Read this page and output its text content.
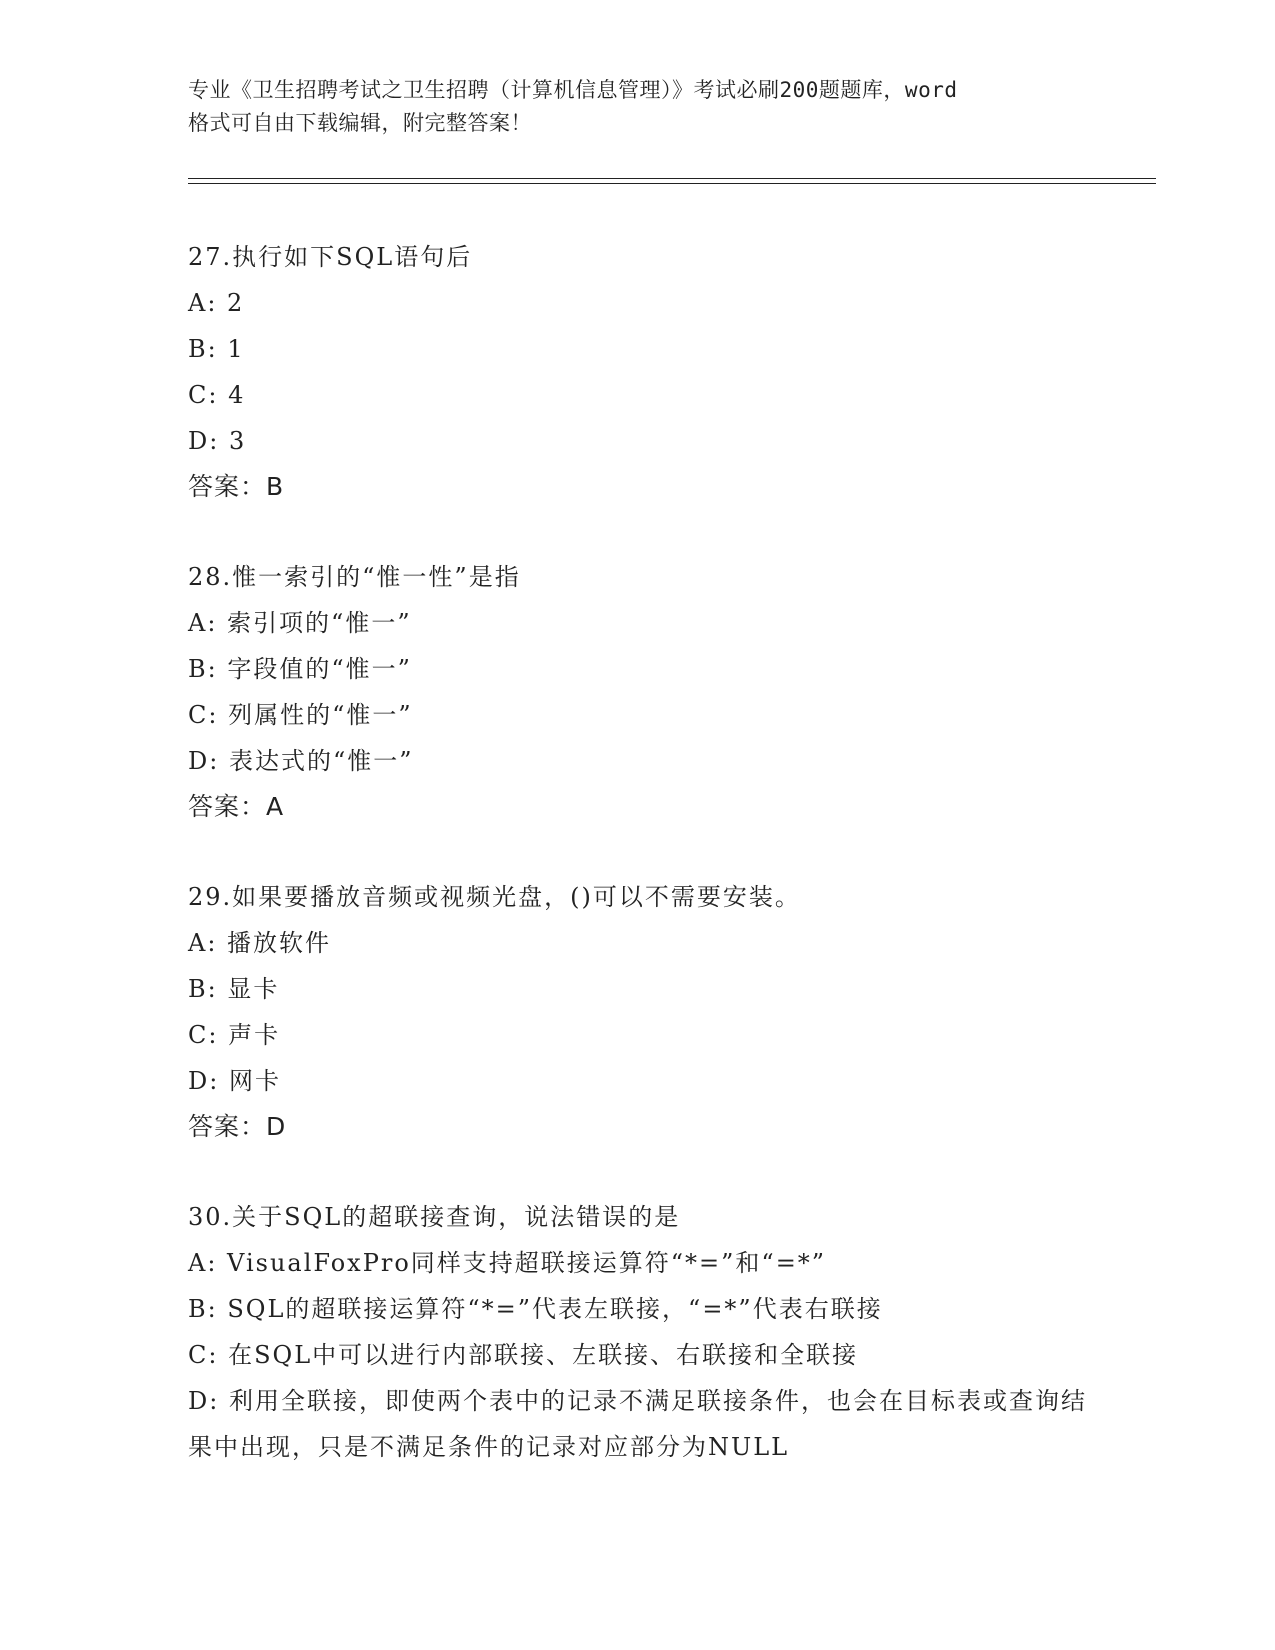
专业《卫生招聘考试之卫生招聘（计算机信息管理）》考试必刷200题题库，word
格式可自由下载编辑，附完整答案！
27.执行如下SQL语句后
A: 2
B: 1
C: 4
D: 3
答案：B
28.惟一索引的“惟一性”是指
A: 索引项的“惟一”
B: 字段值的“惟一”
C: 列属性的“惟一”
D: 表达式的“惟一”
答案：A
29.如果要播放音频或视频光盘，()可以不需要安装。
A: 播放软件
B: 显卡
C: 声卡
D: 网卡
答案：D
30.关于SQL的超联接查询，说法错误的是
A: VisualFoxPro同样支持超联接运算符“*=”和“=*”
B: SQL的超联接运算符“*=”代表左联接，“=*”代表右联接
C: 在SQL中可以进行内部联接、左联接、右联接和全联接
D: 利用全联接，即使两个表中的记录不满足联接条件，也会在目标表或查询结果中出现，只是不满足条件的记录对应部分为NULL
